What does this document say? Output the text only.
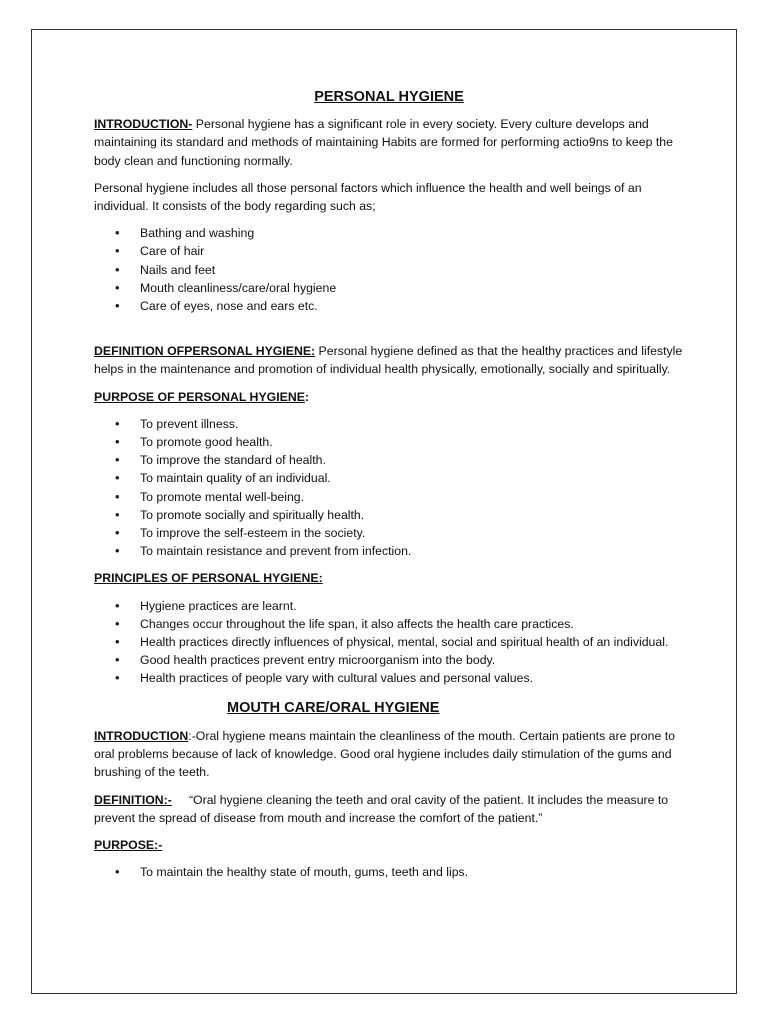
PERSONAL HYGIENE

INTRODUCTION- Personal hygiene has a significant role in every society. Every culture develops and maintaining its standard and methods of maintaining Habits are formed for performing actio9ns to keep the body clean and functioning normally.

Personal hygiene includes all those personal factors which influence the health and well beings of an individual. It consists of the body regarding such as;

• Bathing and washing
• Care of hair
• Nails and feet
• Mouth cleanliness/care/oral hygiene
• Care of eyes, nose and ears etc.

DEFINITION OFPERSONAL HYGIENE: Personal hygiene defined as that the healthy practices and lifestyle helps in the maintenance and promotion of individual health physically, emotionally, socially and spiritually.

PURPOSE OF PERSONAL HYGIENE:

• To prevent illness.
• To promote good health.
• To improve the standard of health.
• To maintain quality of an individual.
• To promote mental well-being.
• To promote socially and spiritually health.
• To improve the self-esteem in the society.
• To maintain resistance and prevent from infection.

PRINCIPLES OF PERSONAL HYGIENE:

• Hygiene practices are learnt.
• Changes occur throughout the life span, it also affects the health care practices.
• Health practices directly influences of physical, mental, social and spiritual health of an individual.
• Good health practices prevent entry microorganism into the body.
• Health practices of people vary with cultural values and personal values.
MOUTH CARE/ORAL HYGIENE

INTRODUCTION:-Oral hygiene means maintain the cleanliness of the mouth. Certain patients are prone to oral problems because of lack of knowledge. Good oral hygiene includes daily stimulation of the gums and brushing of the teeth.

DEFINITION:-     “Oral hygiene cleaning the teeth and oral cavity of the patient. It includes the measure to prevent the spread of disease from mouth and increase the comfort of the patient.”

PURPOSE:-

• To maintain the healthy state of mouth, gums, teeth and lips.
